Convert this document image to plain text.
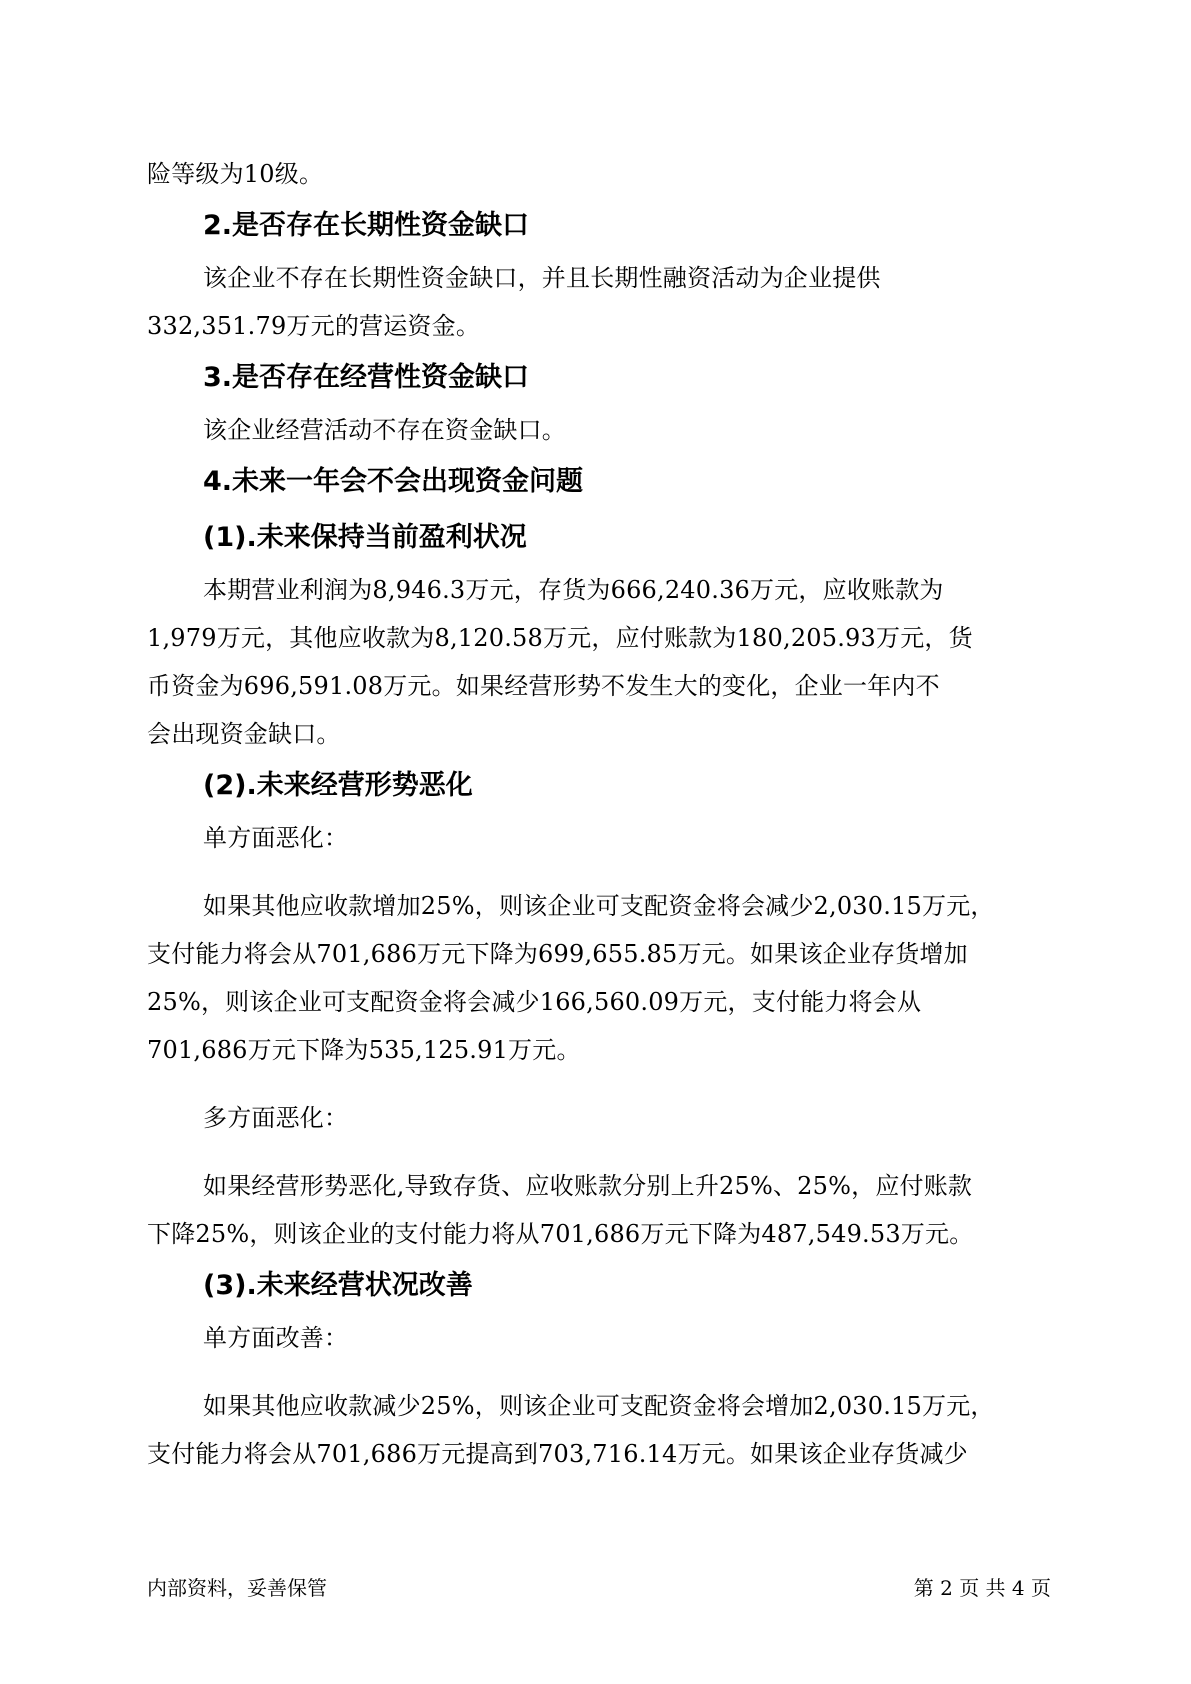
险等级为10级。
2.是否存在长期性资金缺口
该企业不存在长期性资金缺口，并且长期性融资活动为企业提供
332,351.79万元的营运资金。
3.是否存在经营性资金缺口
该企业经营活动不存在资金缺口。
4.未来一年会不会出现资金问题
(1).未来保持当前盈利状况
本期营业利润为8,946.3万元，存货为666,240.36万元，应收账款为
1,979万元，其他应收款为8,120.58万元，应付账款为180,205.93万元，货
币资金为696,591.08万元。如果经营形势不发生大的变化，企业一年内不
会出现资金缺口。
(2).未来经营形势恶化
单方面恶化：
如果其他应收款增加25%，则该企业可支配资金将会减少2,030.15万元，
支付能力将会从701,686万元下降为699,655.85万元。如果该企业存货增加
25%，则该企业可支配资金将会减少166,560.09万元，支付能力将会从
701,686万元下降为535,125.91万元。
多方面恶化：
如果经营形势恶化,导致存货、应收账款分别上升25%、25%，应付账款
下降25%，则该企业的支付能力将从701,686万元下降为487,549.53万元。
(3).未来经营状况改善
单方面改善：
如果其他应收款减少25%，则该企业可支配资金将会增加2,030.15万元，
支付能力将会从701,686万元提高到703,716.14万元。如果该企业存货减少
内部资料，妥善保管	第 2 页 共 4 页
